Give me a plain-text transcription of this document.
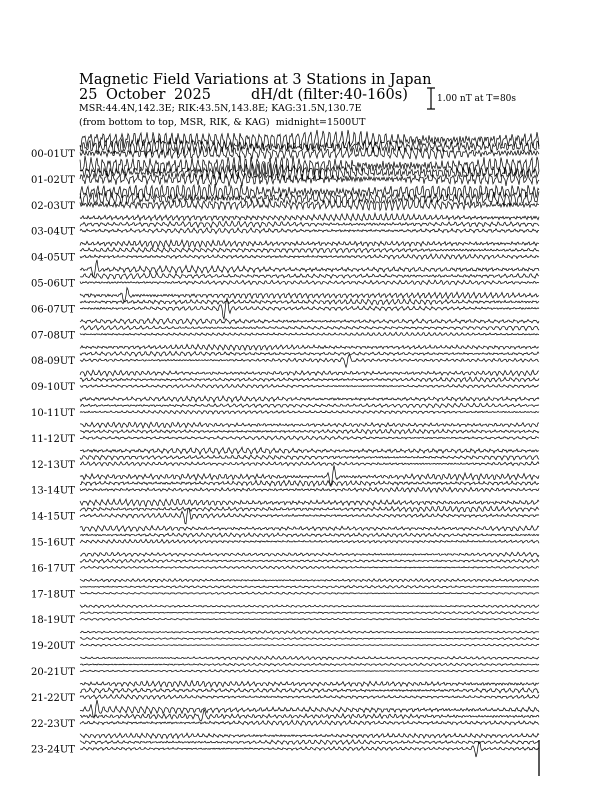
Magnetic Field Variations at 3 Stations in Japan
25 October 2025	dH/dt (filter:40-160s)
MSR:44.4N,142.3E; RIK:43.5N,143.8E; KAG:31.5N,130.7E
(from bottom to top, MSR, RIK, & KAG) midnight=1500UT
1.00 nT at T=80s
00-01UT
01-02UT
02-03UT
03-04UT
04-05UT
05-06UT
06-07UT
07-08UT
08-09UT
09-10UT
10-11UT
11-12UT
12-13UT
13-14UT
14-15UT
15-16UT
16-17UT
17-18UT
18-19UT
19-20UT
20-21UT
21-22UT
22-23UT
23-24UT
